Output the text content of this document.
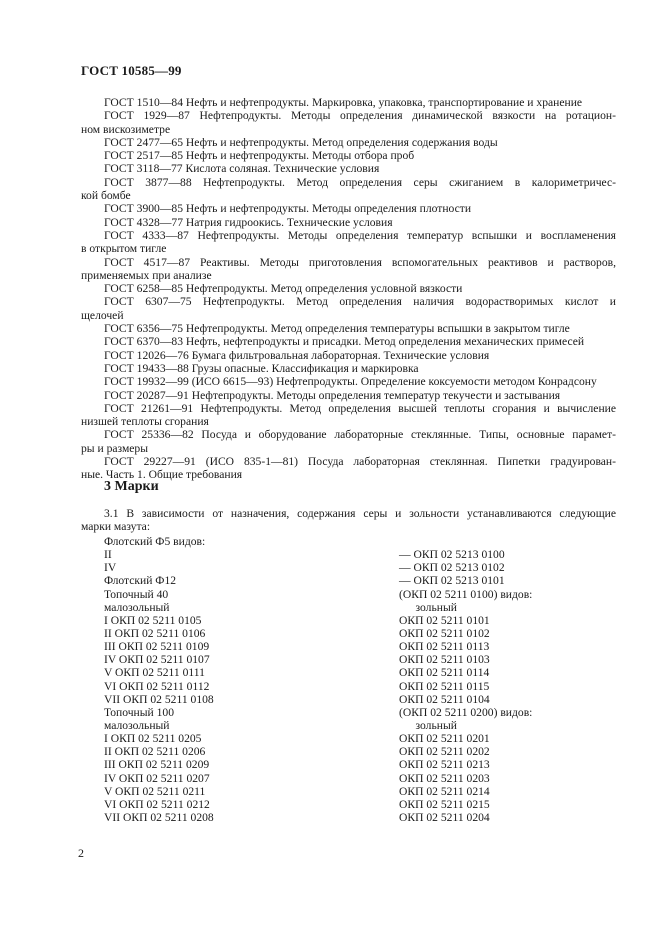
ГОСТ 10585—99

ГОСТ 1510—84 Нефть и нефтепродукты. Маркировка, упаковка, транспортирование и хранение

ГОСТ 1929—87 Нефтепродукты. Методы определения динамической вязкости на ротацион-

ном вискозиметре

ГОСТ 2477—65 Нефть и нефтепродукты. Метод определения содержания воды

ГОСТ 2517—85 Нефть и нефтепродукты. Методы отбора проб

ГОСТ 3118—77 Кислота соляная. Технические условия

ГОСТ 3877—88 Нефтепродукты. Метод определения серы сжиганием в калориметричес-

кой бомбе

ГОСТ 3900—85 Нефть и нефтепродукты. Методы определения плотности

ГОСТ 4328—77 Натрия гидроокись. Технические условия

ГОСТ 4333—87 Нефтепродукты. Методы определения температур вспышки и воспламенения

в открытом тигле

ГОСТ 4517—87 Реактивы. Методы приготовления вспомогательных реактивов и растворов,

применяемых при анализе

ГОСТ 6258—85 Нефтепродукты. Метод определения условной вязкости

ГОСТ 6307—75 Нефтепродукты. Метод определения наличия водорастворимых кислот и

щелочей

ГОСТ 6356—75 Нефтепродукты. Метод определения температуры вспышки в закрытом тигле

ГОСТ 6370—83 Нефть, нефтепродукты и присадки. Метод определения механических примесей

ГОСТ 12026—76 Бумага фильтровальная лабораторная. Технические условия

ГОСТ 19433—88 Грузы опасные. Классификация и маркировка

ГОСТ 19932—99 (ИСО 6615—93) Нефтепродукты. Определение коксуемости методом Конрадсону

ГОСТ 20287—91 Нефтепродукты. Методы определения температур текучести и застывания

ГОСТ 21261—91 Нефтепродукты. Метод определения высшей теплоты сгорания и вычисление

низшей теплоты сгорания

ГОСТ 25336—82 Посуда и оборудование лабораторные стеклянные. Типы, основные парамет-

ры и размеры

ГОСТ 29227—91 (ИСО 835-1—81) Посуда лабораторная стеклянная. Пипетки градуирован-

ные. Часть 1. Общие требования

3 Марки

3.1 В зависимости от назначения, содержания серы и зольности устанавливаются следующие

марки мазута:

Флотский Ф5 видов:
II	— ОКП 02 5213 0100
IV	— ОКП 02 5213 0102
Флотский Ф12	— ОКП 02 5213 0101
Топочный 40	(ОКП 02 5211 0100) видов:
малозольный	зольный
I ОКП 02 5211 0105	ОКП 02 5211 0101
II ОКП 02 5211 0106	ОКП 02 5211 0102
III ОКП 02 5211 0109	ОКП 02 5211 0113
IV ОКП 02 5211 0107	ОКП 02 5211 0103
V ОКП 02 5211 0111	ОКП 02 5211 0114
VI ОКП 02 5211 0112	ОКП 02 5211 0115
VII ОКП 02 5211 0108	ОКП 02 5211 0104
Топочный 100	(ОКП 02 5211 0200) видов:
малозольный	зольный
I ОКП 02 5211 0205	ОКП 02 5211 0201
II ОКП 02 5211 0206	ОКП 02 5211 0202
III ОКП 02 5211 0209	ОКП 02 5211 0213
IV ОКП 02 5211 0207	ОКП 02 5211 0203
V ОКП 02 5211 0211	ОКП 02 5211 0214
VI ОКП 02 5211 0212	ОКП 02 5211 0215
VII ОКП 02 5211 0208	ОКП 02 5211 0204
2
